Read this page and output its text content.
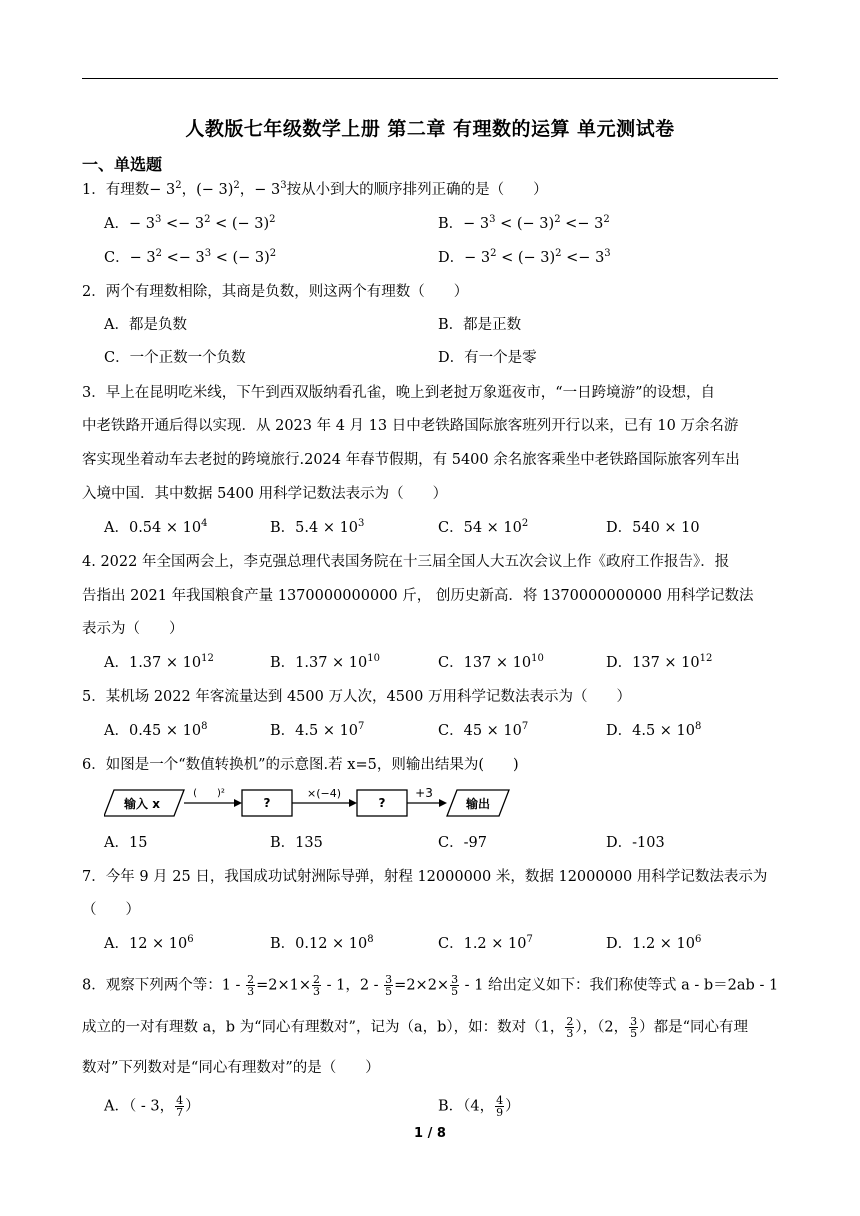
人教版七年级数学上册 第二章 有理数的运算 单元测试卷
一、单选题
1．有理数− $3^2$，(− 3)$^2$，− $3^3$按从小到大的顺序排列正确的是（　　）
A．− $3^3 <- 3^2$ < (− 3)$^2$	B．− $3^3$ < (− $3)^2 <- 3^2$
C．− $3^2 <- 3^3$ < (− 3)$^2$	D．− $3^2$ < (− $3)^2 <- 3^3$
2．两个有理数相除，其商是负数，则这两个有理数（　　）
A．都是负数	B．都是正数
C．一个正数一个负数	D．有一个是零
3．早上在昆明吃米线，下午到西双版纳看孔雀，晚上到老挝万象逛夜市，“一日跨境游”的设想，自
中老铁路开通后得以实现．从 2023 年 4 月 13 日中老铁路国际旅客班列开行以来，已有 10 万余名游
客实现坐着动车去老挝的跨境旅行.2024 年春节假期，有 5400 余名旅客乘坐中老铁路国际旅客列车出
入境中国．其中数据 5400 用科学记数法表示为（　　）
A．$0.54 \times 10^4$	B．$5.4 \times 10^3$	C．$54 \times 10^2$	D．540 × 10
4. 2022 年全国两会上，李克强总理代表国务院在十三届全国人大五次会议上作《政府工作报告》．报
告指出 2021 年我国粮食产量 1370000000000 斤， 创历史新高．将 1370000000000 用科学记数法
表示为（　　）
A．$1.37 \times 10^{12}$	B．$1.37 \times 10^{10}$	C．$137 \times 10^{10}$	D．$137 \times 10^{12}$
5．某机场 2022 年客流量达到 4500 万人次，4500 万用科学记数法表示为（　　）
A．$0.45 \times 10^8$	B．$4.5 \times 10^7$	C．$45 \times 10^7$	D．$4.5 \times 10^8$
6．如图是一个“数值转换机”的示意图.若 x=5，则输出结果为(　　)
输入 x
(　　)²
?
×(−4)
?
+3
输出
A．15	B．135	C．-97	D．-103
7．今年 9 月 25 日，我国成功试射洲际导弹，射程 12000000 米，数据 12000000 用科学记数法表示为
（　　）
A．$12 \times 10^6$	B．$0.12 \times 10^8$	C．$1.2 \times 10^7$	D．$1.2 \times 10^6$
8．观察下列两个等：$1 - \frac{2}{3} =2\times 1\times \frac{2}{3} - 1$，$2 - \frac{3}{5} =2\times 2\times \frac{3}{5} - 1$ 给出定义如下：我们称使等式 a - b＝2ab - 1
成立的一对有理数 a，b 为“同心有理数对”，记为（a，b），如：数对（1， $\frac{2}{3}$ ），（2， $\frac{3}{5}$ ）都是“同心有理
数对”下列数对是“同心有理数对”的是（　　）
A．（ - 3， $\frac{4}{7}$ ）	B．（4， $\frac{4}{9}$ ）
1 / 8
